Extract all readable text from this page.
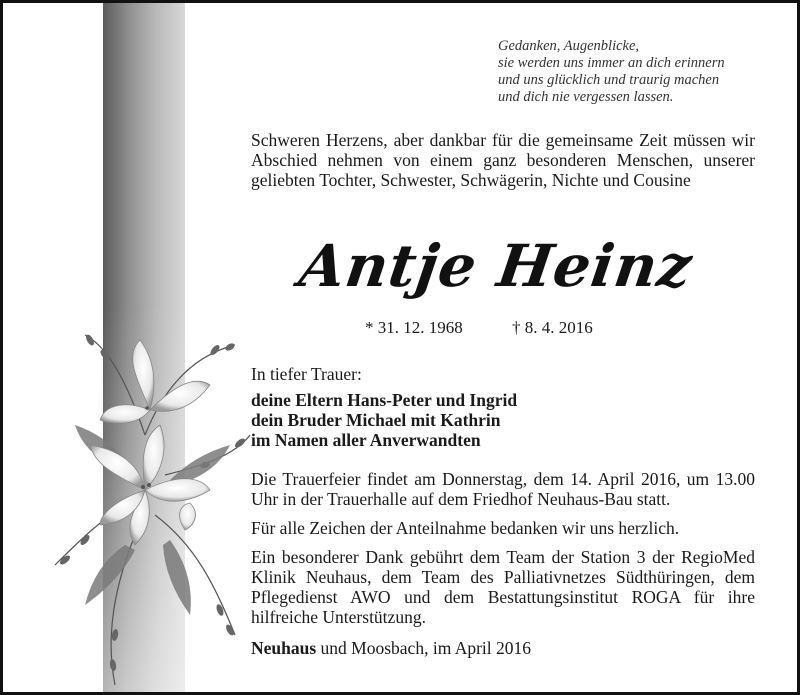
Gedanken, Augenblicke,
sie werden uns immer an dich erinnern
und uns glücklich und traurig machen
und dich nie vergessen lassen.
Schweren Herzens, aber dankbar für die gemeinsame Zeit müssen wir Abschied nehmen von einem ganz besonderen Menschen, unserer geliebten Tochter, Schwester, Schwägerin, Nichte und Cousine
Antje Heinz
* 31. 12. 1968	† 8. 4. 2016
In tiefer Trauer:
deine Eltern Hans-Peter und Ingrid
dein Bruder Michael mit Kathrin
im Namen aller Anverwandten
Die Trauerfeier findet am Donnerstag, dem 14. April 2016, um 13.00 Uhr in der Trauerhalle auf dem Friedhof Neuhaus-Bau statt.
Für alle Zeichen der Anteilnahme bedanken wir uns herzlich.
Ein besonderer Dank gebührt dem Team der Station 3 der RegioMed Klinik Neuhaus, dem Team des Palliativnetzes Südthüringen, dem Pflegedienst AWO und dem Bestattungsinstitut ROGA für ihre hilfreiche Unterstützung.
Neuhaus und Moosbach, im April 2016
